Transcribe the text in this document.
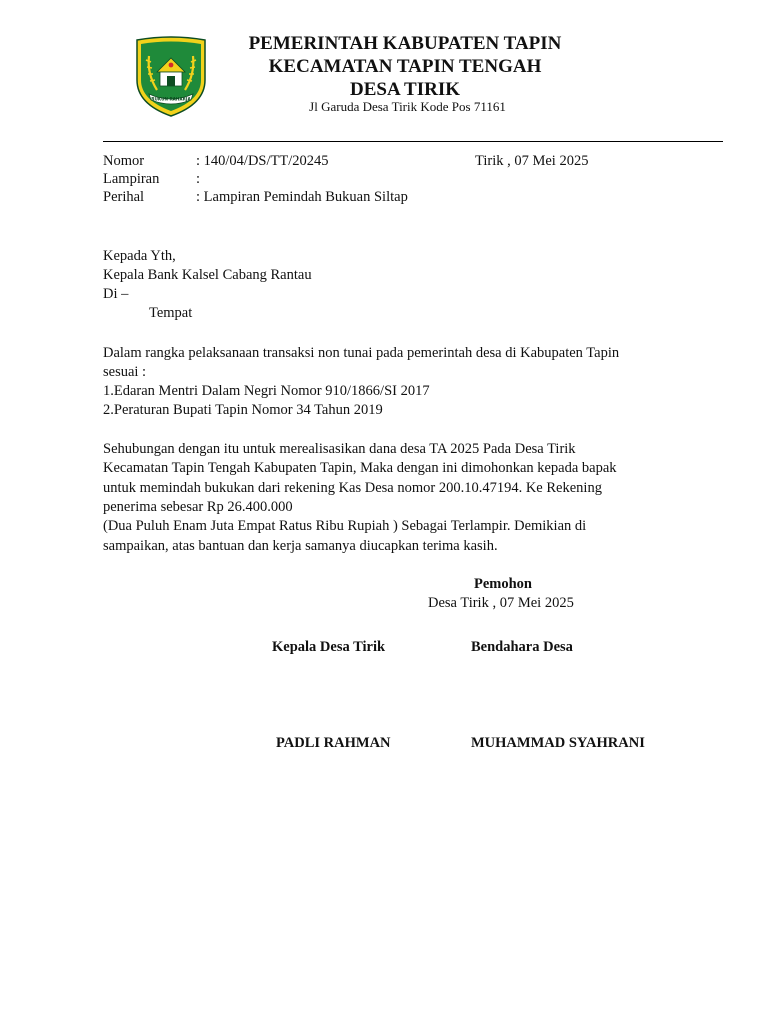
RUKUN RAHARJA
PEMERINTAH KABUPATEN TAPIN
KECAMATAN TAPIN TENGAH
DESA TIRIK
Jl Garuda Desa Tirik Kode Pos 71161
Nomor	: 140/04/DS/TT/20245	Tirik , 07 Mei 2025
Lampiran	:
Perihal	: Lampiran Pemindah Bukuan Siltap
Kepada Yth,
Kepala Bank Kalsel Cabang Rantau
Di –
Tempat
Dalam rangka pelaksanaan transaksi non tunai pada pemerintah desa di Kabupaten Tapin
sesuai :
1.Edaran Mentri Dalam Negri Nomor 910/1866/SI 2017
2.Peraturan Bupati Tapin Nomor 34 Tahun 2019
Sehubungan dengan itu untuk merealisasikan dana desa TA 2025 Pada Desa Tirik
Kecamatan Tapin Tengah Kabupaten Tapin, Maka dengan ini dimohonkan kepada bapak
untuk memindah bukukan dari rekening Kas Desa nomor 200.10.47194. Ke Rekening
penerima sebesar Rp 26.400.000
(Dua Puluh Enam Juta Empat Ratus Ribu Rupiah ) Sebagai Terlampir. Demikian di
sampaikan, atas bantuan dan kerja samanya diucapkan terima kasih.
Pemohon
Desa Tirik , 07 Mei 2025
Kepala Desa Tirik	Bendahara Desa
PADLI RAHMAN	MUHAMMAD SYAHRANI
